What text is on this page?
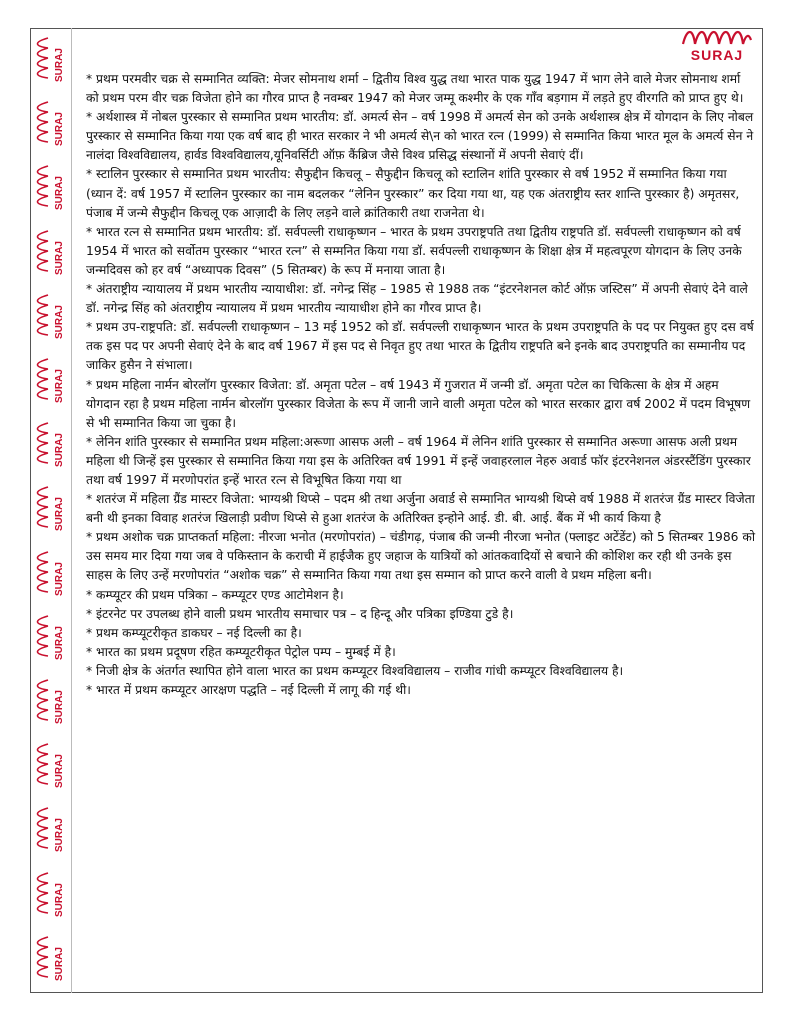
SURAJ
SURAJ
SURAJ
SURAJ
SURAJ
SURAJ
SURAJ
SURAJ
SURAJ
SURAJ
SURAJ
SURAJ
SURAJ
SURAJ
SURAJ
SURAJ

* प्रथम परमवीर चक्र से सम्मानित व्यक्ति: मेजर सोमनाथ शर्मा – द्वितीय विश्व युद्ध तथा भारत पाक युद्ध 1947 में भाग लेने वाले मेजर सोमनाथ शर्मा को प्रथम परम वीर चक्र विजेता होने का गौरव प्राप्त है नवम्बर 1947 को मेजर जम्मू कश्मीर के एक गाँव बड़गाम में लड़ते हुए वीरगति को प्राप्त हुए थे।

* अर्थशास्त्र में नोबल पुरस्कार से सम्मानित प्रथम भारतीय: डॉ. अमर्त्य सेन – वर्ष 1998 में अमर्त्य सेन को उनके अर्थशास्त्र क्षेत्र में योगदान के लिए नोबल पुरस्कार से सम्मानित किया गया एक वर्ष बाद ही भारत सरकार ने भी अमर्त्य से\न को भारत रत्न (1999) से सम्मानित किया भारत मूल के अमर्त्य सेन ने नालंदा विश्वविद्यालय, हार्वड विश्वविद्यालय,यूनिवर्सिटी ऑफ़ कैंब्रिज जैसे विश्व प्रसिद्ध संस्थानों में अपनी सेवाएं दीं।

* स्टालिन पुरस्कार से सम्मानित प्रथम भारतीय: सैफुद्दीन किचलू – सैफुद्दीन किचलू को स्टालिन शांति पुरस्कार से वर्ष 1952 में सम्मानित किया गया (ध्यान दें: वर्ष 1957 में स्टालिन पुरस्कार का नाम बदलकर “लेनिन पुरस्कार” कर दिया गया था, यह एक अंतराष्ट्रीय स्तर शान्ति पुरस्कार है) अमृतसर, पंजाब में जन्मे सैफुद्दीन किचलू एक आज़ादी के लिए लड़ने वाले क्रांतिकारी तथा राजनेता थे।

* भारत रत्न से सम्मानित प्रथम भारतीय: डॉ. सर्वपल्ली राधाकृष्णन – भारत के प्रथम उपराष्ट्रपति तथा द्वितीय राष्ट्रपति डॉ. सर्वपल्ली राधाकृष्णन को वर्ष 1954 में भारत को सर्वोतम पुरस्कार “भारत रत्न” से सम्मनित किया गया डॉ. सर्वपल्ली राधाकृष्णन के शिक्षा क्षेत्र में महत्वपूरण योगदान के लिए उनके जन्मदिवस को हर वर्ष “अध्यापक दिवस” (5 सितम्बर) के रूप में मनाया जाता है।

* अंतराष्ट्रीय न्यायालय में प्रथम भारतीय न्यायाधीश: डॉ. नगेन्द्र सिंह – 1985 से 1988 तक “इंटरनेशनल कोर्ट ऑफ़ जस्टिस” में अपनी सेवाएं देने वाले डॉ. नगेन्द्र सिंह को अंतराष्ट्रीय न्यायालय में प्रथम भारतीय न्यायाधीश होने का गौरव प्राप्त है।

* प्रथम उप-राष्ट्रपति: डॉ. सर्वपल्ली राधाकृष्णन – 13 मई 1952 को डॉ. सर्वपल्ली राधाकृष्णन भारत के प्रथम उपराष्ट्रपति के पद पर नियुक्त हुए दस वर्ष तक इस पद पर अपनी सेवाएं देने के बाद वर्ष 1967 में इस पद से निवृत हुए तथा भारत के द्वितीय राष्ट्रपति बने इनके बाद उपराष्ट्रपति का सम्मानीय पद जाकिर हुसैन ने संभाला।

* प्रथम महिला नार्मन बोरलॉग पुरस्कार विजेता: डॉ. अमृता पटेल – वर्ष 1943 में गुजरात में जन्मी डॉ. अमृता पटेल का चिकित्सा के क्षेत्र में अहम योगदान रहा है प्रथम महिला नार्मन बोरलॉग पुरस्कार विजेता के रूप में जानी जाने वाली अमृता पटेल को भारत सरकार द्वारा वर्ष 2002 में पदम विभूषण से भी सम्मानित किया जा चुका है।

* लेनिन शांति पुरस्कार से सम्मानित प्रथम महिला:अरूणा आसफ अली – वर्ष 1964 में लेनिन शांति पुरस्कार से सम्मानित अरूणा आसफ अली प्रथम महिला थी जिन्हें इस पुरस्कार से सम्मानित किया गया इस के अतिरिक्त वर्ष 1991 में इन्हें जवाहरलाल नेहरु अवार्ड फॉर इंटरनेशनल अंडरस्टैंडिंग पुरस्कार तथा वर्ष 1997 में मरणोपरांत इन्हें भारत रत्न से विभूषित किया गया था

* शतरंज में महिला ग्रैंड मास्टर विजेता: भाग्यश्री थिप्से – पदम श्री तथा अर्जुना अवार्ड से सम्मानित भाग्यश्री थिप्से वर्ष 1988 में शतरंज ग्रैंड मास्टर विजेता बनी थी इनका विवाह शतरंज खिलाड़ी प्रवीण थिप्से से हुआ शतरंज के अतिरिक्त इन्होने आई. डी. बी. आई. बैंक में भी कार्य किया है

* प्रथम अशोक चक्र प्राप्तकर्ता महिला: नीरजा भनोत (मरणोपरांत) – चंडीगढ़, पंजाब की जन्मी नीरजा भनोत (फ्लाइट अटेंडेंट) को 5 सितम्बर 1986 को उस समय मार दिया गया जब वे पकिस्तान के कराची में हाईजैक हुए जहाज के यात्रियों को आंतकवादियों से बचाने की कोशिश कर रही थी उनके इस साहस के लिए उन्हें मरणोपरांत “अशोक चक्र” से सम्मानित किया गया तथा इस सम्मान को प्राप्त करने वाली वे प्रथम महिला बनी।

* कम्प्यूटर की प्रथम पत्रिका – कम्प्यूटर एण्ड आटोमेशन है।

* इंटरनेट पर उपलब्ध होने वाली प्रथम भारतीय समाचार पत्र – द हिन्दू और पत्रिका इण्डिया टुडे है।

* प्रथम कम्प्यूटरीकृत डाकघर – नई दिल्ली का है।

* भारत का प्रथम प्रदूषण रहित कम्प्यूटरीकृत पेट्रोल पम्प – मुम्बई में है।

* निजी क्षेत्र के अंतर्गत स्थापित होने वाला भारत का प्रथम कम्प्यूटर विश्वविद्यालय – राजीव गांधी कम्प्यूटर विश्वविद्यालय है।

* भारत में प्रथम कम्प्यूटर आरक्षण पद्धति – नई दिल्ली में लागू की गई थी।
